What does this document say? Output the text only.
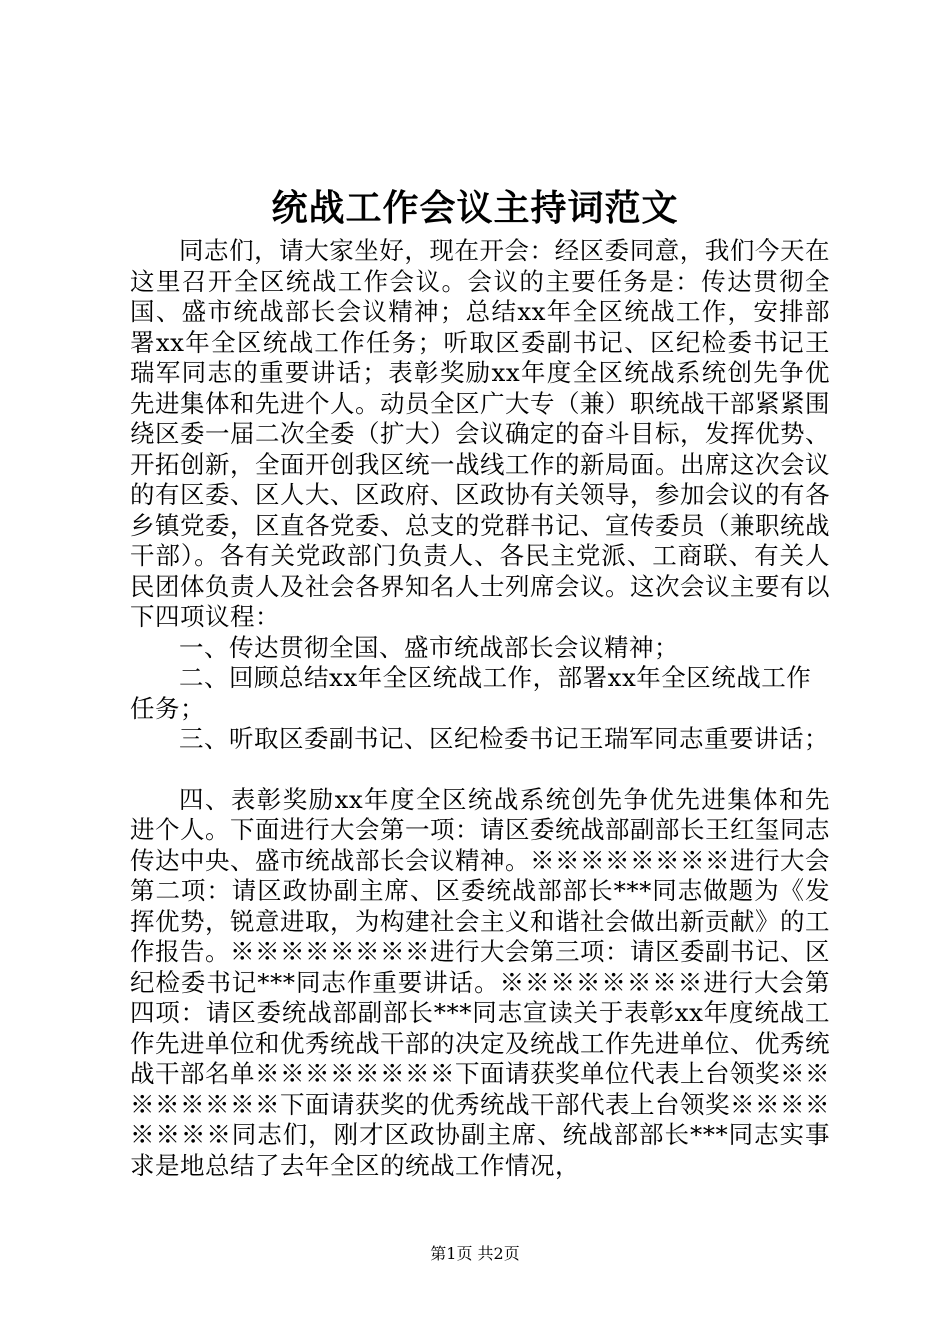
统战工作会议主持词范文

同志们，请大家坐好，现在开会：经区委同意，我们今天在这里召开全区统战工作会议。会议的主要任务是：传达贯彻全国、盛市统战部长会议精神；总结xx年全区统战工作，安排部署xx年全区统战工作任务；听取区委副书记、区纪检委书记王瑞军同志的重要讲话；表彰奖励xx年度全区统战系统创先争优先进集体和先进个人。动员全区广大专（兼）职统战干部紧紧围绕区委一届二次全委（扩大）会议确定的奋斗目标，发挥优势、开拓创新，全面开创我区统一战线工作的新局面。出席这次会议的有区委、区人大、区政府、区政协有关领导，参加会议的有各乡镇党委，区直各党委、总支的党群书记、宣传委员（兼职统战干部）。各有关党政部门负责人、各民主党派、工商联、有关人民团体负责人及社会各界知名人士列席会议。这次会议主要有以下四项议程：

一、传达贯彻全国、盛市统战部长会议精神；

二、回顾总结xx年全区统战工作，部署xx年全区统战工作任务；

三、听取区委副书记、区纪检委书记王瑞军同志重要讲话；

四、表彰奖励xx年度全区统战系统创先争优先进集体和先进个人。下面进行大会第一项：请区委统战部副部长王红玺同志传达中央、盛市统战部长会议精神。※※※※※※※※进行大会第二项：请区政协副主席、区委统战部部长***同志做题为《发挥优势，锐意进取，为构建社会主义和谐社会做出新贡献》的工作报告。※※※※※※※※进行大会第三项：请区委副书记、区纪检委书记***同志作重要讲话。※※※※※※※※进行大会第四项：请区委统战部副部长***同志宣读关于表彰xx年度统战工作先进单位和优秀统战干部的决定及统战工作先进单位、优秀统战干部名单※※※※※※※※下面请获奖单位代表上台领奖※※※※※※※※下面请获奖的优秀统战干部代表上台领奖※※※※※※※※同志们，刚才区政协副主席、统战部部长***同志实事求是地总结了去年全区的统战工作情况，

第1页 共2页
